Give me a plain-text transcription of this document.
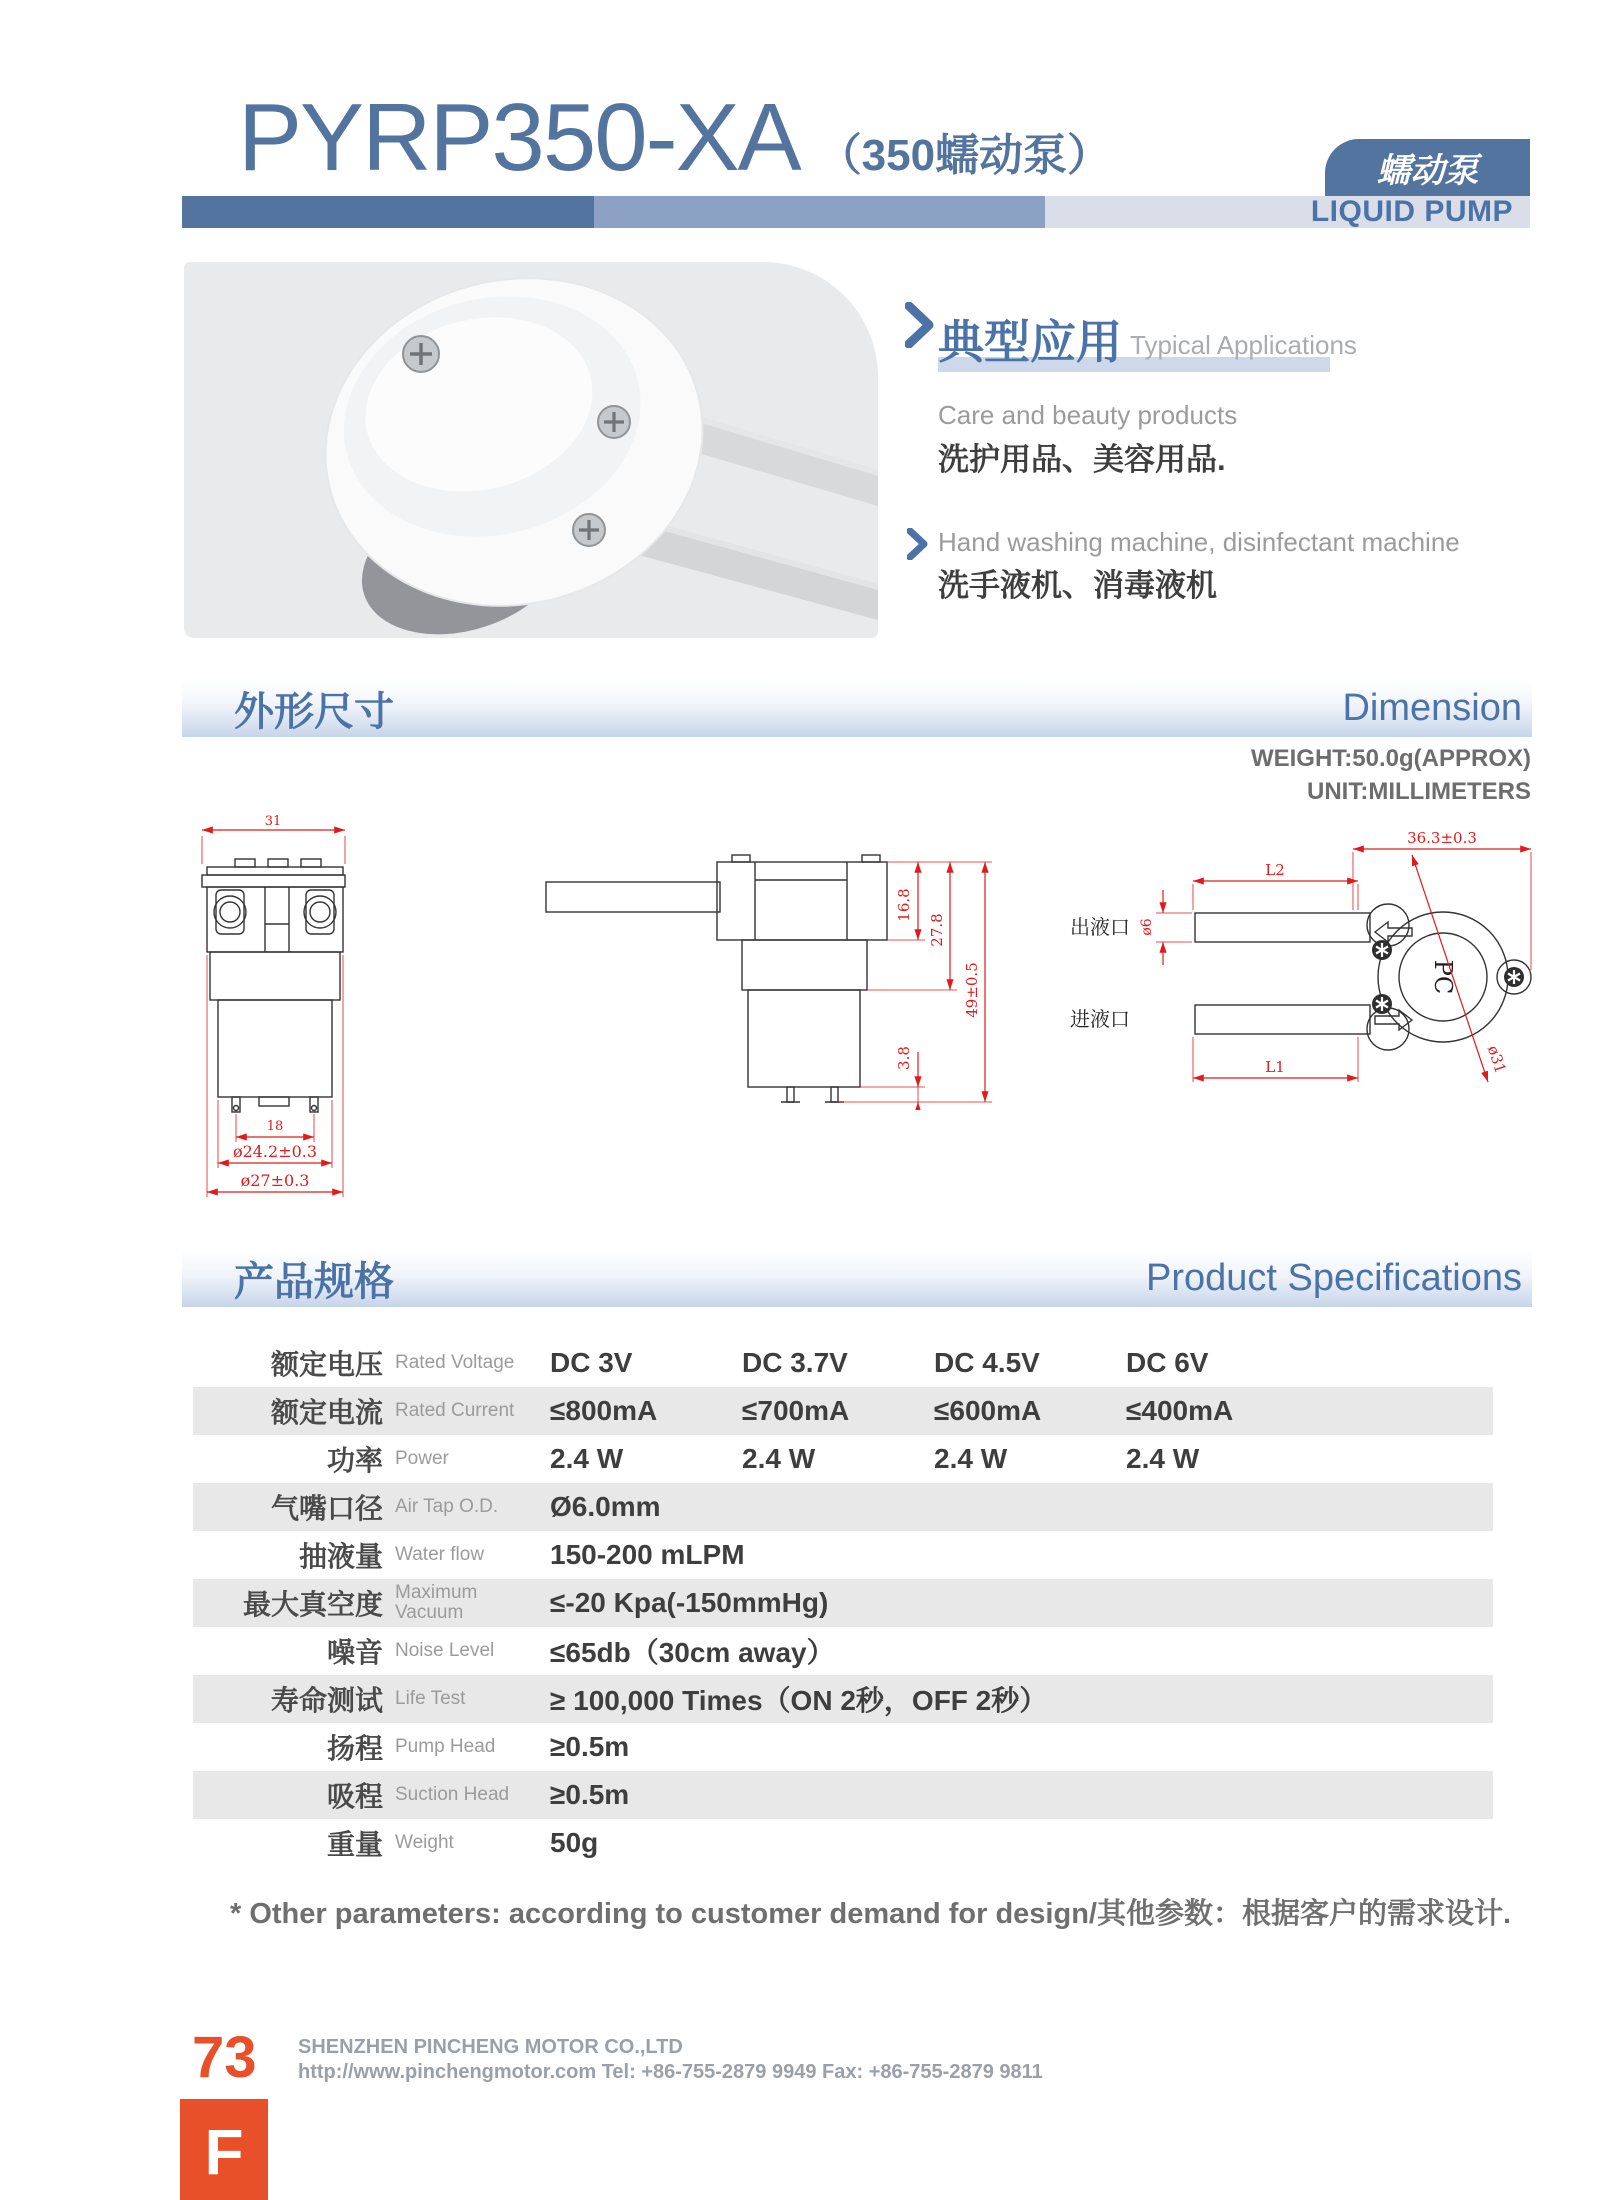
PYRP350-XA （350蠕动泵）	蠕动泵
LIQUID PUMP
典型应用 Typical Applications
Care and beauty products
洗护用品、美容用品.
Hand washing machine, disinfectant machine
洗手液机、消毒液机
外形尺寸	Dimension
WEIGHT:50.0g(APPROX)
UNIT:MILLIMETERS
31
18
ø24.2±0.3
ø27±0.3
16.8
27.8
49±0.5
3.8
36.3±0.3
L2
ø6
出液口
进液口
L1
PC
ø31
产品规格	Product Specifications
额定电压 Rated Voltage	DC 3V	DC 3.7V	DC 4.5V	DC 6V
额定电流 Rated Current	≤800mA	≤700mA	≤600mA	≤400mA
功率 Power	2.4 W	2.4 W	2.4 W	2.4 W
气嘴口径 Air Tap O.D.	Ø6.0mm
抽液量 Water flow	150-200 mLPM
最大真空度 Maximum Vacuum	≤-20 Kpa(-150mmHg)
噪音 Noise Level	≤65db（30cm away）
寿命测试 Life Test	≥ 100,000 Times（ON 2秒，OFF 2秒）
扬程 Pump Head	≥0.5m
吸程 Suction Head	≥0.5m
重量 Weight	50g
* Other parameters: according to customer demand for design/其他参数：根据客户的需求设计.
73 SHENZHEN PINCHENG MOTOR CO.,LTD
http://www.pinchengmotor.com Tel: +86-755-2879 9949 Fax: +86-755-2879 9811
F
